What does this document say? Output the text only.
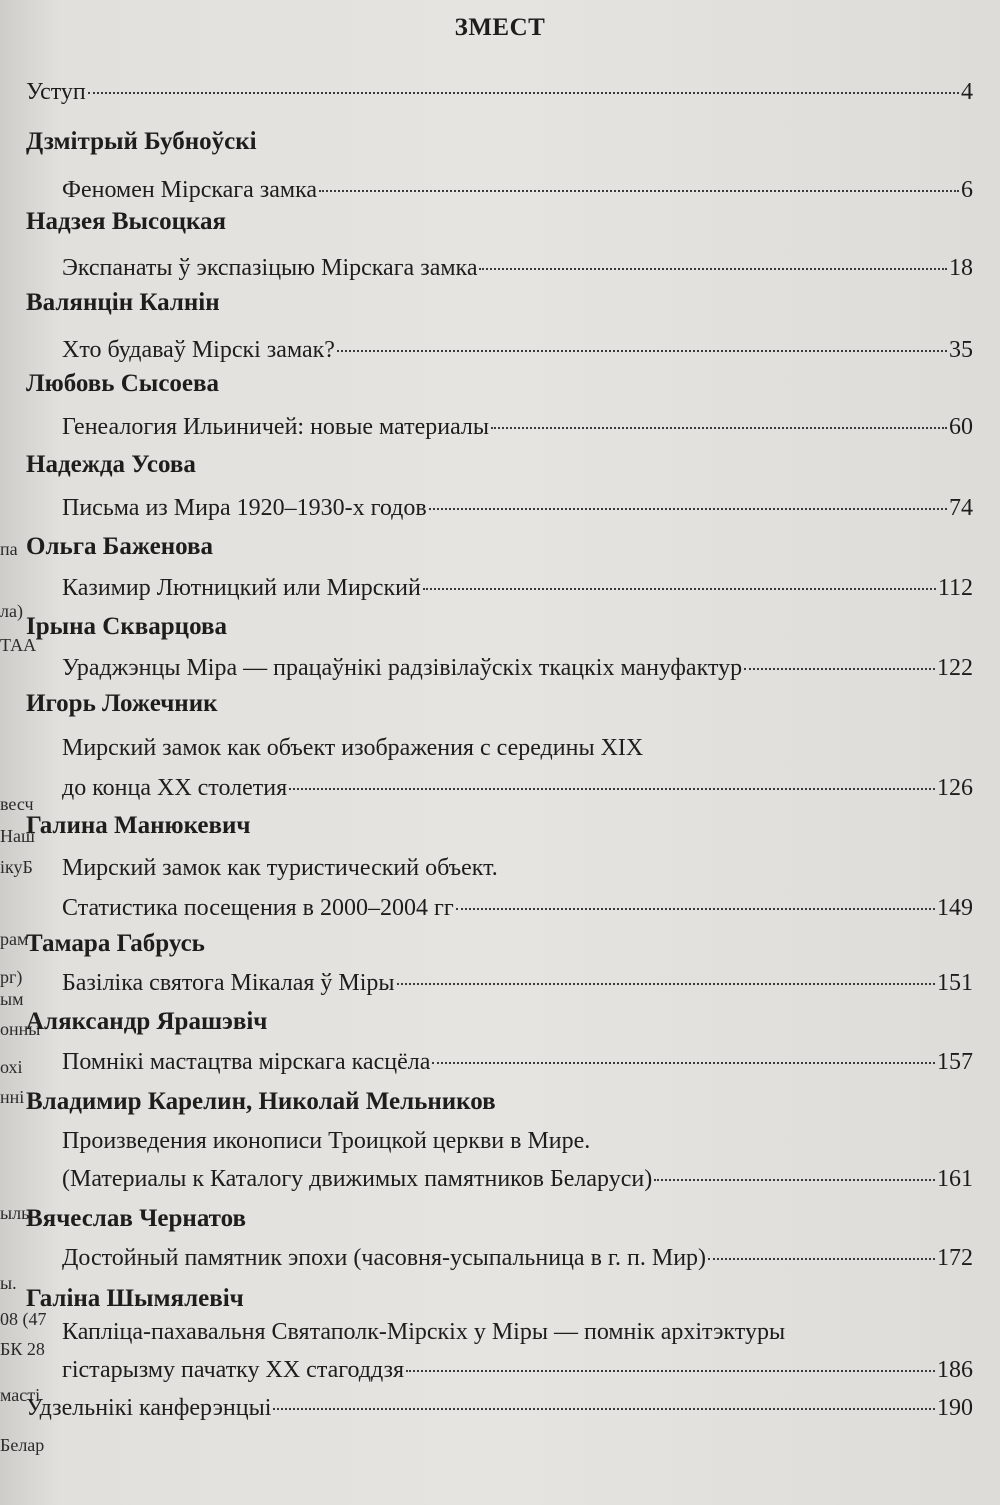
па
ла)
ТАА
весч
Наш
ікуБ
рам
рг)
ым
онны
охі
нні
ыль
ы.
08 (47
БК 28
масті
Белар
ЗМЕСТ
Уступ	4
Дзмітрый Бубноўскі
Феномен Мірскага замка	6
Надзея Высоцкая
Экспанаты ў экспазіцыю Мірскага замка	18
Валянцін Калнін
Хто будаваў Мірскі замак?	35
Любовь Сысоева
Генеалогия Ильиничей: новые материалы	60
Надежда Усова
Письма из Мира 1920–1930-х годов	74
Ольга Баженова
Казимир Лютницкий или Мирский	112
Ірына Скварцова
Ураджэнцы Міра — працаўнікі радзівілаўскіх ткацкіх мануфактур	122
Игорь Ложечник
Мирский замок как объект изображения с середины XIX
до конца XX столетия	126
Галина Манюкевич
Мирский замок как туристический объект.
Статистика посещения в 2000–2004 гг	149
Тамара Габрусь
Базіліка святога Мікалая ў Міры	151
Аляксандр Ярашэвіч
Помнікі мастацтва мірскага касцёла	157
Владимир Карелин, Николай Мельников
Произведения иконописи Троицкой церкви в Мире.
(Материалы к Каталогу движимых памятников Беларуси)	161
Вячеслав Чернатов
Достойный памятник эпохи (часовня-усыпальница в г. п. Мир)	172
Галіна Шымялевіч
Капліца-пахавальня Святаполк-Мірскіх у Міры — помнік архітэктуры
гістарызму пачатку XX стагоддзя	186
Удзельнікі канферэнцыі	190
